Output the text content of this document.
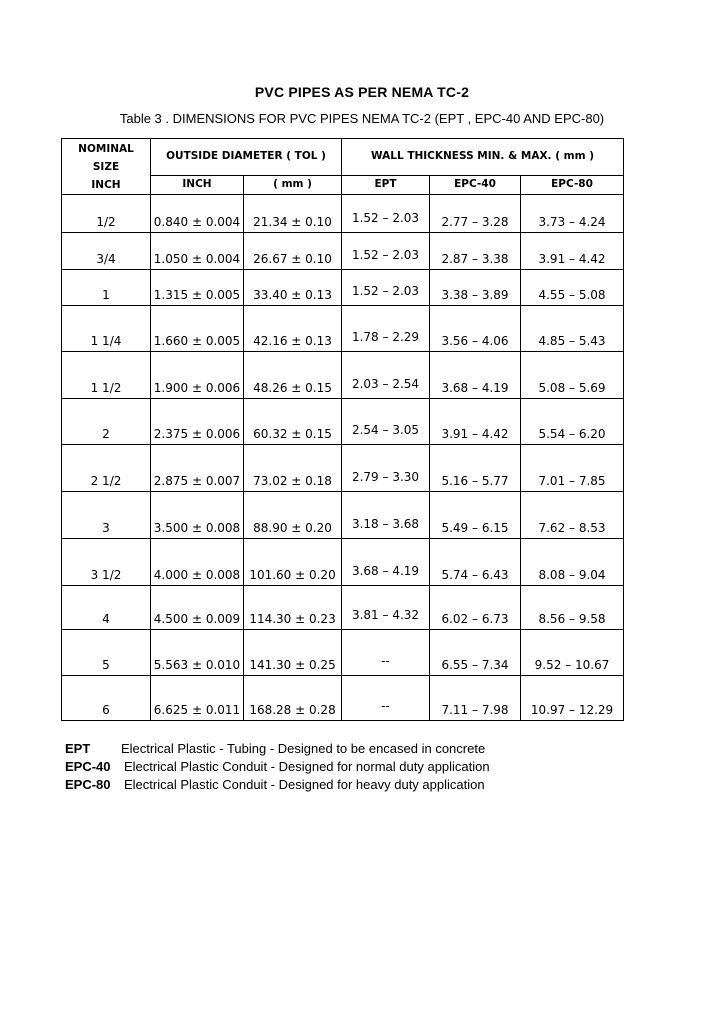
PVC PIPES AS PER NEMA TC-2
Table 3 . DIMENSIONS FOR PVC PIPES NEMA TC-2 (EPT , EPC-40 AND EPC-80)
NOMINAL
SIZE
INCH	OUTSIDE DIAMETER ( TOL )		WALL THICKNESS MIN. & MAX. ( mm )		
	INCH	( mm )	EPT	EPC-40	EPC-80
1/2	0.840 ± 0.004	21.34 ± 0.10	1.52 – 2.03	2.77 – 3.28	3.73 – 4.24
3/4	1.050 ± 0.004	26.67 ± 0.10	1.52 – 2.03	2.87 – 3.38	3.91 – 4.42
1	1.315 ± 0.005	33.40 ± 0.13	1.52 – 2.03	3.38 – 3.89	4.55 – 5.08
1 1/4	1.660 ± 0.005	42.16 ± 0.13	1.78 – 2.29	3.56 – 4.06	4.85 – 5.43
1 1/2	1.900 ± 0.006	48.26 ± 0.15	2.03 – 2.54	3.68 – 4.19	5.08 – 5.69
2	2.375 ± 0.006	60.32 ± 0.15	2.54 – 3.05	3.91 – 4.42	5.54 – 6.20
2 1/2	2.875 ± 0.007	73.02 ± 0.18	2.79 – 3.30	5.16 – 5.77	7.01 – 7.85
3	3.500 ± 0.008	88.90 ± 0.20	3.18 – 3.68	5.49 – 6.15	7.62 – 8.53
3 1/2	4.000 ± 0.008	101.60 ± 0.20	3.68 – 4.19	5.74 – 6.43	8.08 – 9.04
4	4.500 ± 0.009	114.30 ± 0.23	3.81 – 4.32	6.02 – 6.73	8.56 – 9.58
5	5.563 ± 0.010	141.30 ± 0.25	--	6.55 – 7.34	9.52 – 10.67
6	6.625 ± 0.011	168.28 ± 0.28	--	7.11 – 7.98	10.97 – 12.29
EPT Electrical Plastic - Tubing - Designed to be encased in concrete
EPC-40 Electrical Plastic Conduit - Designed for normal duty application
EPC-80 Electrical Plastic Conduit - Designed for heavy duty application
